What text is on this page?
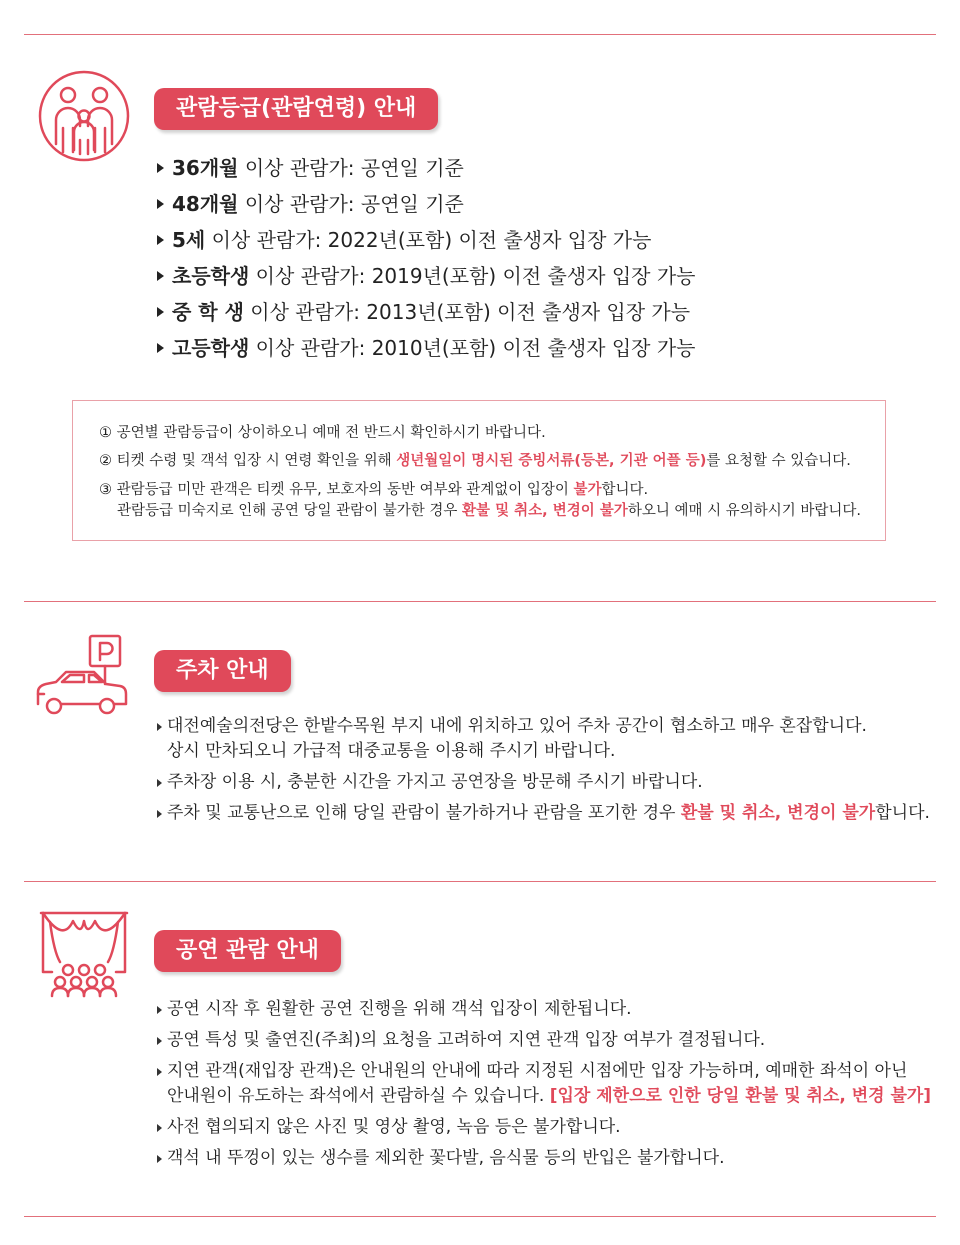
관람등급(관람연령) 안내
36개월 이상 관람가: 공연일 기준
48개월 이상 관람가: 공연일 기준
5세 이상 관람가: 2022년(포함) 이전 출생자 입장 가능
초등학생 이상 관람가: 2019년(포함) 이전 출생자 입장 가능
중 학 생 이상 관람가: 2013년(포함) 이전 출생자 입장 가능
고등학생 이상 관람가: 2010년(포함) 이전 출생자 입장 가능
① 공연별 관람등급이 상이하오니 예매 전 반드시 확인하시기 바랍니다.
② 티켓 수령 및 객석 입장 시 연령 확인을 위해 생년월일이 명시된 증빙서류(등본, 기관 어플 등)를 요청할 수 있습니다.
③ 관람등급 미만 관객은 티켓 유무, 보호자의 동반 여부와 관계없이 입장이 불가합니다.
관람등급 미숙지로 인해 공연 당일 관람이 불가한 경우 환불 및 취소, 변경이 불가하오니 예매 시 유의하시기 바랍니다.
주차 안내
대전예술의전당은 한밭수목원 부지 내에 위치하고 있어 주차 공간이 협소하고 매우 혼잡합니다.
상시 만차되오니 가급적 대중교통을 이용해 주시기 바랍니다.
주차장 이용 시, 충분한 시간을 가지고 공연장을 방문해 주시기 바랍니다.
주차 및 교통난으로 인해 당일 관람이 불가하거나 관람을 포기한 경우 환불 및 취소, 변경이 불가합니다.
공연 관람 안내
공연 시작 후 원활한 공연 진행을 위해 객석 입장이 제한됩니다.
공연 특성 및 출연진(주최)의 요청을 고려하여 지연 관객 입장 여부가 결정됩니다.
지연 관객(재입장 관객)은 안내원의 안내에 따라 지정된 시점에만 입장 가능하며, 예매한 좌석이 아닌
안내원이 유도하는 좌석에서 관람하실 수 있습니다. [입장 제한으로 인한 당일 환불 및 취소, 변경 불가]
사전 협의되지 않은 사진 및 영상 촬영, 녹음 등은 불가합니다.
객석 내 뚜껑이 있는 생수를 제외한 꽃다발, 음식물 등의 반입은 불가합니다.
